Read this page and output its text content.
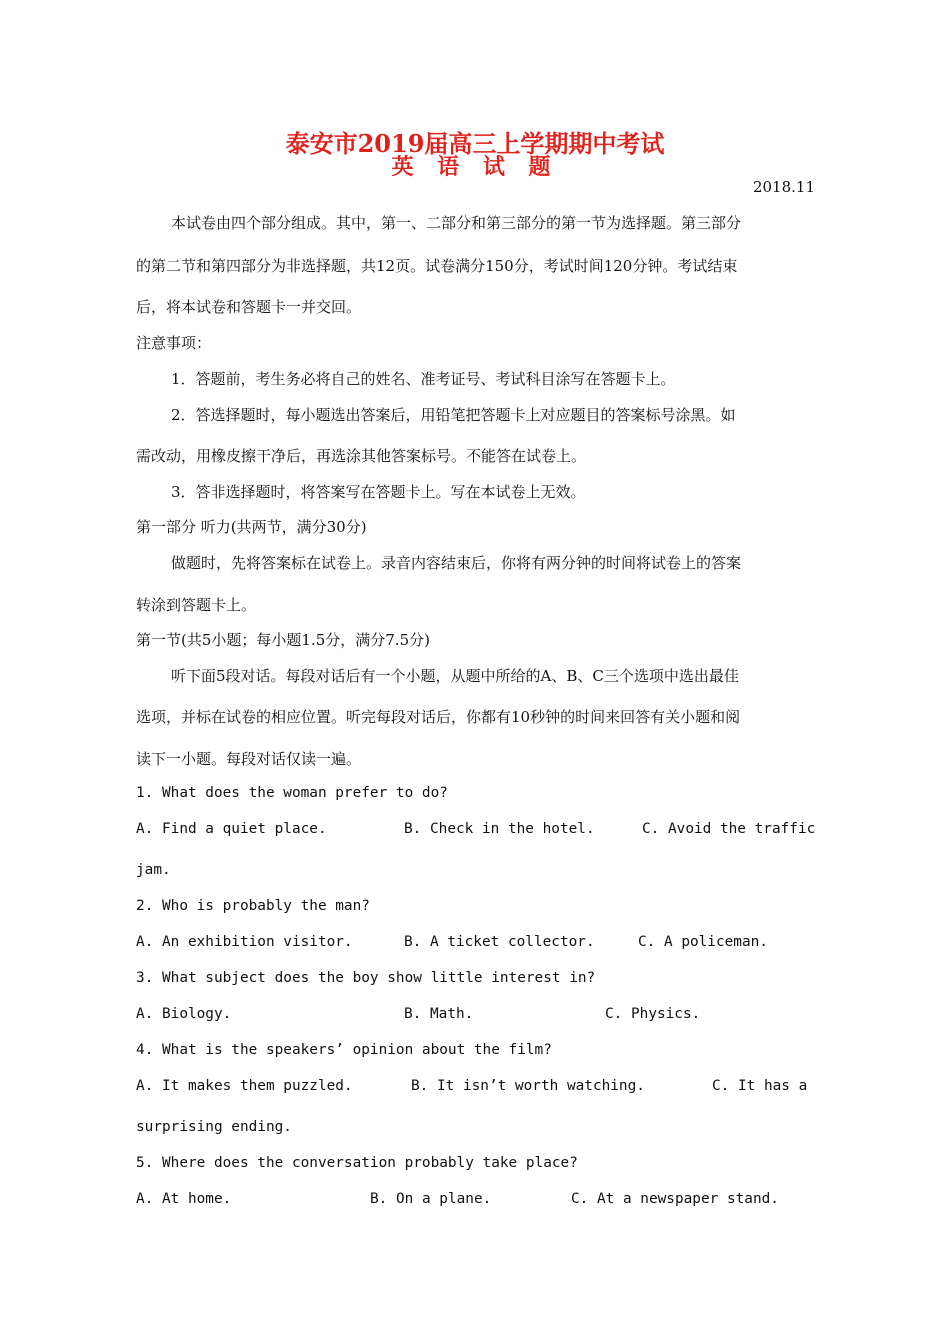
泰安市2019届高三上学期期中考试
英 语 试 题
2018.11
本试卷由四个部分组成。其中，第一、二部分和第三部分的第一节为选择题。第三部分
的第二节和第四部分为非选择题，共12页。试卷满分150分，考试时间120分钟。考试结束
后，将本试卷和答题卡一并交回。
注意事项：
1．答题前，考生务必将自己的姓名、准考证号、考试科目涂写在答题卡上。
2．答选择题时，每小题选出答案后，用铅笔把答题卡上对应题目的答案标号涂黑。如
需改动，用橡皮擦干净后，再选涂其他答案标号。不能答在试卷上。
3．答非选择题时，将答案写在答题卡上。写在本试卷上无效。
第一部分 听力(共两节，满分30分)
做题时，先将答案标在试卷上。录音内容结束后，你将有两分钟的时间将试卷上的答案
转涂到答题卡上。
第一节(共5小题；每小题1.5分，满分7.5分)
听下面5段对话。每段对话后有一个小题，从题中所给的A、B、C三个选项中选出最佳
选项，并标在试卷的相应位置。听完每段对话后，你都有10秒钟的时间来回答有关小题和阅
读下一小题。每段对话仅读一遍。
1. What does the woman prefer to do?
A. Find a quiet place.	B. Check in the hotel.	C. Avoid the traffic
jam.
2. Who is probably the man?
A. An exhibition visitor.	B. A ticket collector.	C. A policeman.
3. What subject does the boy show little interest in?
A. Biology.	B. Math.	C. Physics.
4. What is the speakers’ opinion about the film?
A. It makes them puzzled.	B. It isn’t worth watching.	C. It has a
surprising ending.
5. Where does the conversation probably take place?
A. At home.	B. On a plane.	C. At a newspaper stand.
